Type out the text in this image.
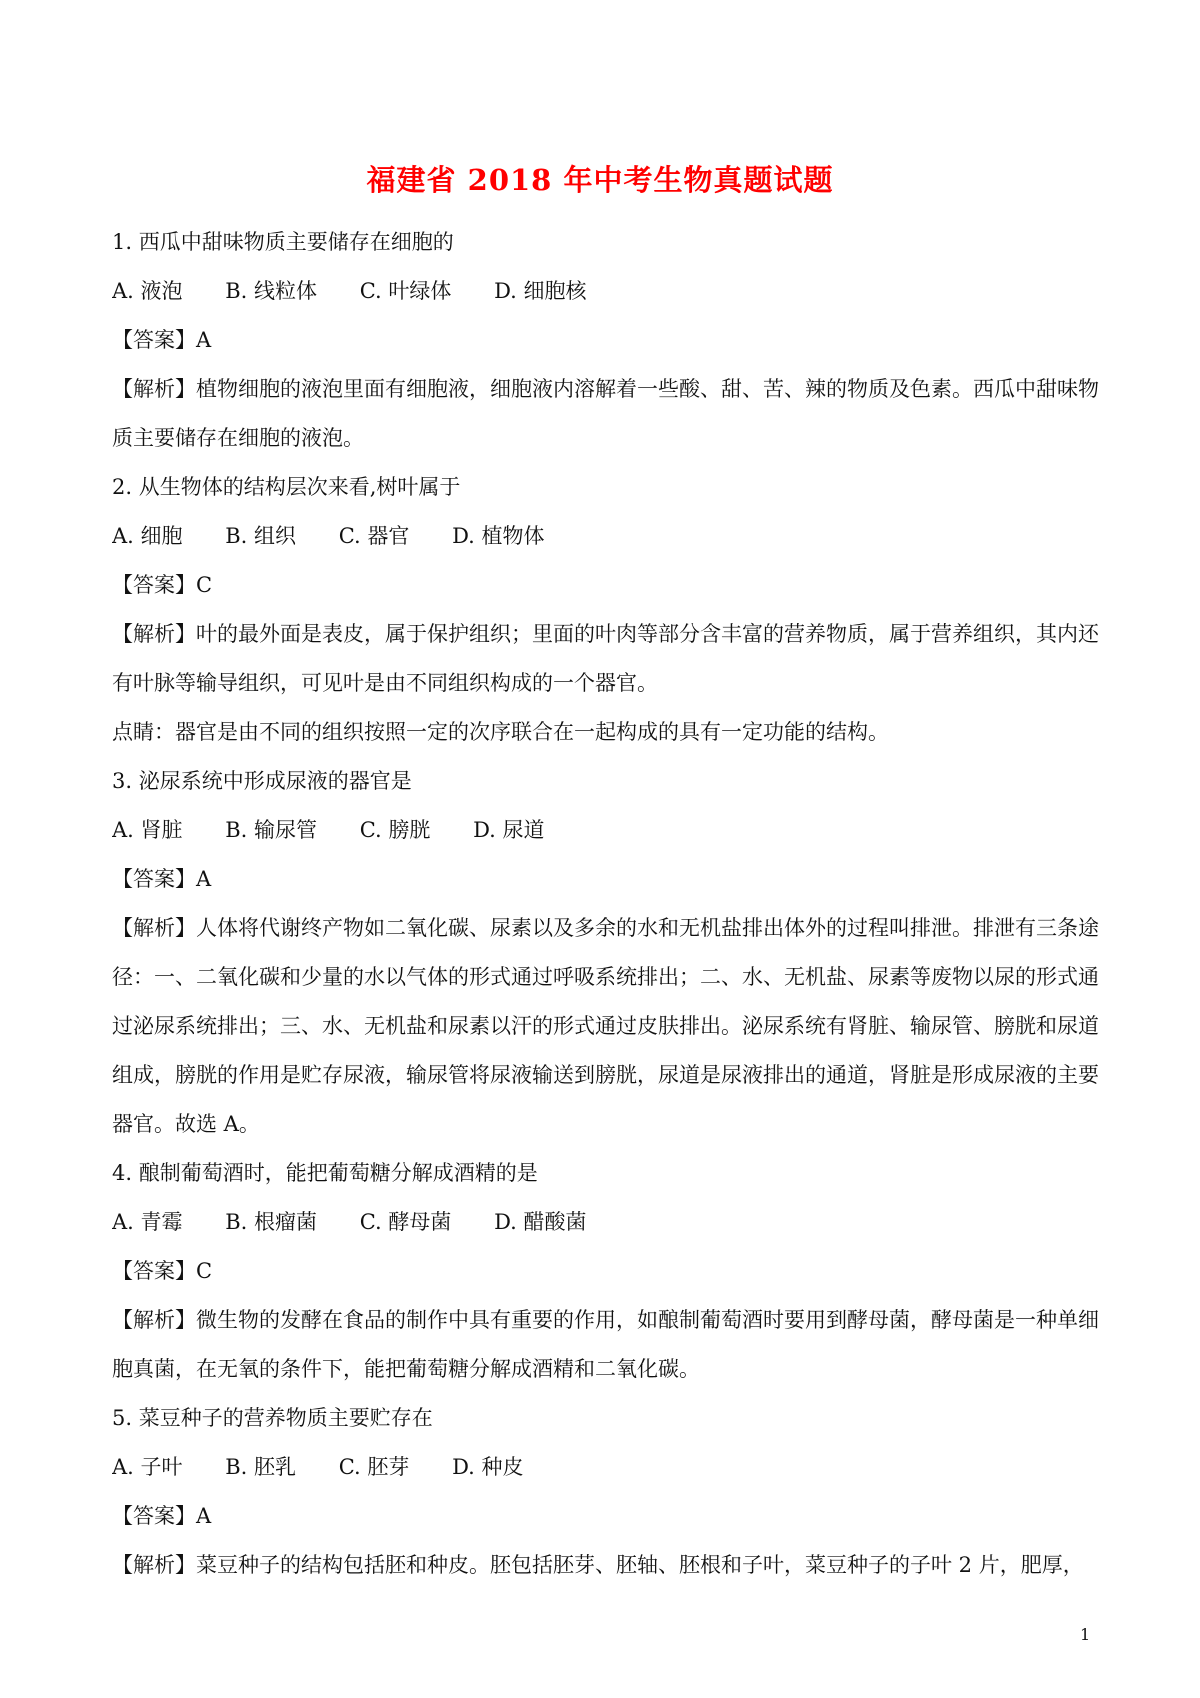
福建省 2018 年中考生物真题试题
1. 西瓜中甜味物质主要储存在细胞的
A. 液泡 B. 线粒体 C. 叶绿体 D. 细胞核
【答案】A
【解析】植物细胞的液泡里面有细胞液，细胞液内溶解着一些酸、甜、苦、辣的物质及色素。西瓜中甜味物质主要储存在细胞的液泡。
2. 从生物体的结构层次来看,树叶属于
A. 细胞 B. 组织 C. 器官 D. 植物体
【答案】C
【解析】叶的最外面是表皮，属于保护组织；里面的叶肉等部分含丰富的营养物质，属于营养组织，其内还有叶脉等输导组织，可见叶是由不同组织构成的一个器官。
点睛：器官是由不同的组织按照一定的次序联合在一起构成的具有一定功能的结构。
3. 泌尿系统中形成尿液的器官是
A. 肾脏 B. 输尿管 C. 膀胱 D. 尿道
【答案】A
【解析】人体将代谢终产物如二氧化碳、尿素以及多余的水和无机盐排出体外的过程叫排泄。排泄有三条途径：一、二氧化碳和少量的水以气体的形式通过呼吸系统排出；二、水、无机盐、尿素等废物以尿的形式通过泌尿系统排出；三、水、无机盐和尿素以汗的形式通过皮肤排出。泌尿系统有肾脏、输尿管、膀胱和尿道组成，膀胱的作用是贮存尿液，输尿管将尿液输送到膀胱，尿道是尿液排出的通道，肾脏是形成尿液的主要器官。故选 A。
4. 酿制葡萄酒时，能把葡萄糖分解成酒精的是
A. 青霉 B. 根瘤菌 C. 酵母菌 D. 醋酸菌
【答案】C
【解析】微生物的发酵在食品的制作中具有重要的作用，如酿制葡萄酒时要用到酵母菌，酵母菌是一种单细胞真菌，在无氧的条件下，能把葡萄糖分解成酒精和二氧化碳。
5. 菜豆种子的营养物质主要贮存在
A. 子叶 B. 胚乳 C. 胚芽 D. 种皮
【答案】A
【解析】菜豆种子的结构包括胚和种皮。胚包括胚芽、胚轴、胚根和子叶，菜豆种子的子叶 2 片，肥厚，
1
